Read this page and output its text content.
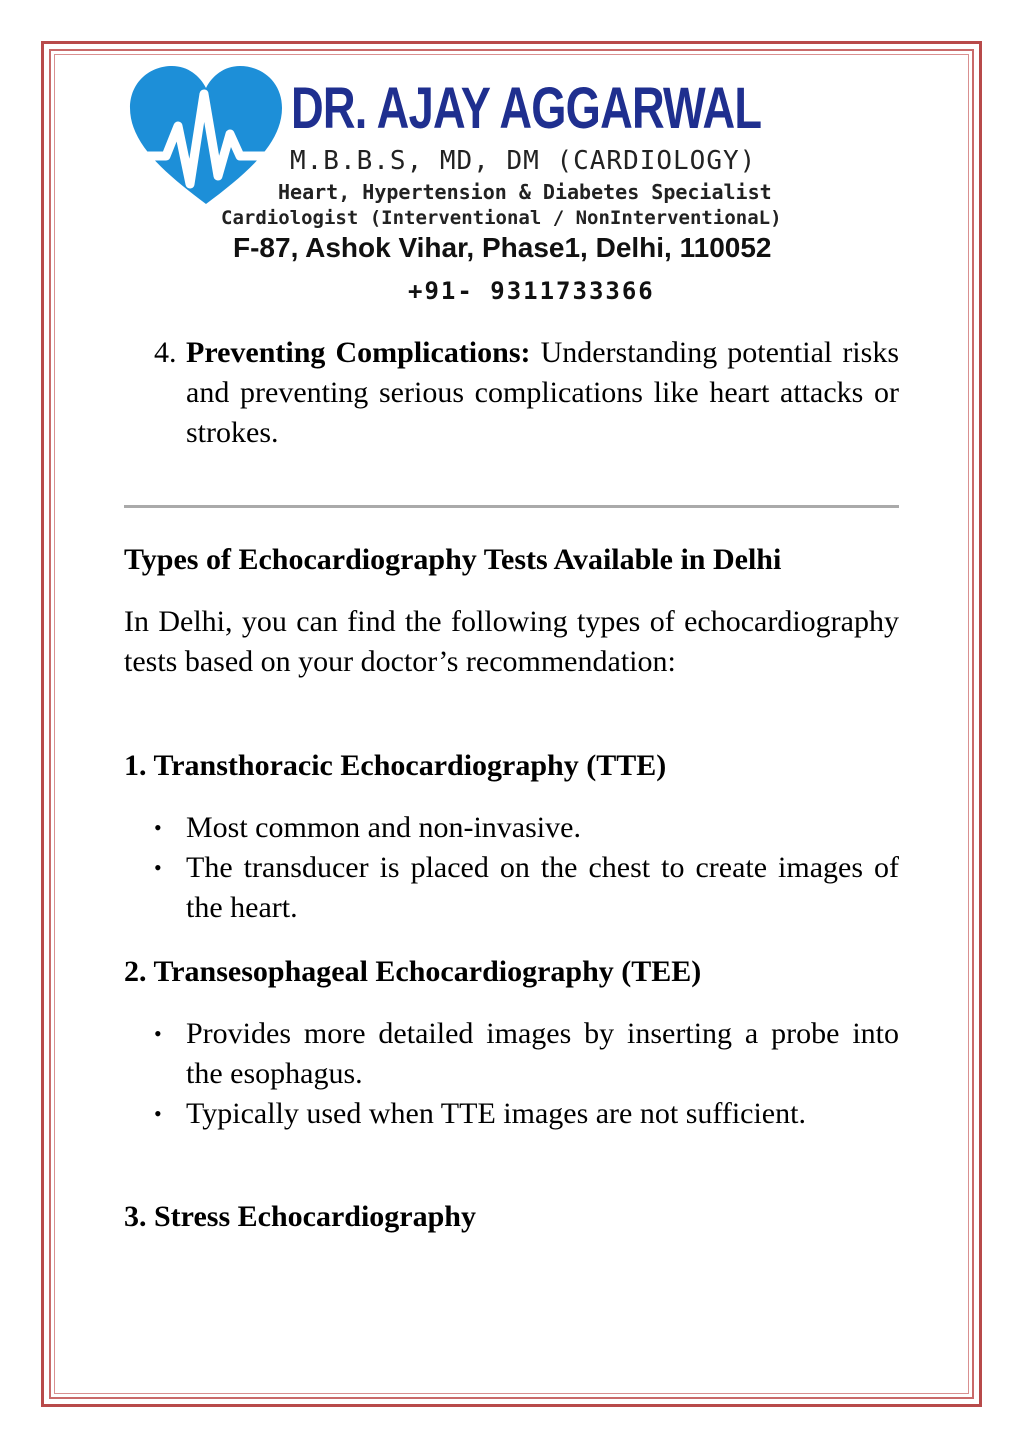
DR. AJAY AGGARWAL
M.B.B.S, MD, DM (CARDIOLOGY)
Heart, Hypertension & Diabetes Specialist
Cardiologist (Interventional / NonInterventionaL)
F-87, Ashok Vihar, Phase1, Delhi, 110052
+91- 9311733366
4. Preventing Complications: Understanding potential risks and preventing serious complications like heart attacks or strokes.
Types of Echocardiography Tests Available in Delhi
In Delhi, you can find the following types of echocardiography tests based on your doctor’s recommendation:
1. Transthoracic Echocardiography (TTE)
• Most common and non-invasive.
• The transducer is placed on the chest to create images of the heart.
2. Transesophageal Echocardiography (TEE)
• Provides more detailed images by inserting a probe into the esophagus.
• Typically used when TTE images are not sufficient.
3. Stress Echocardiography
